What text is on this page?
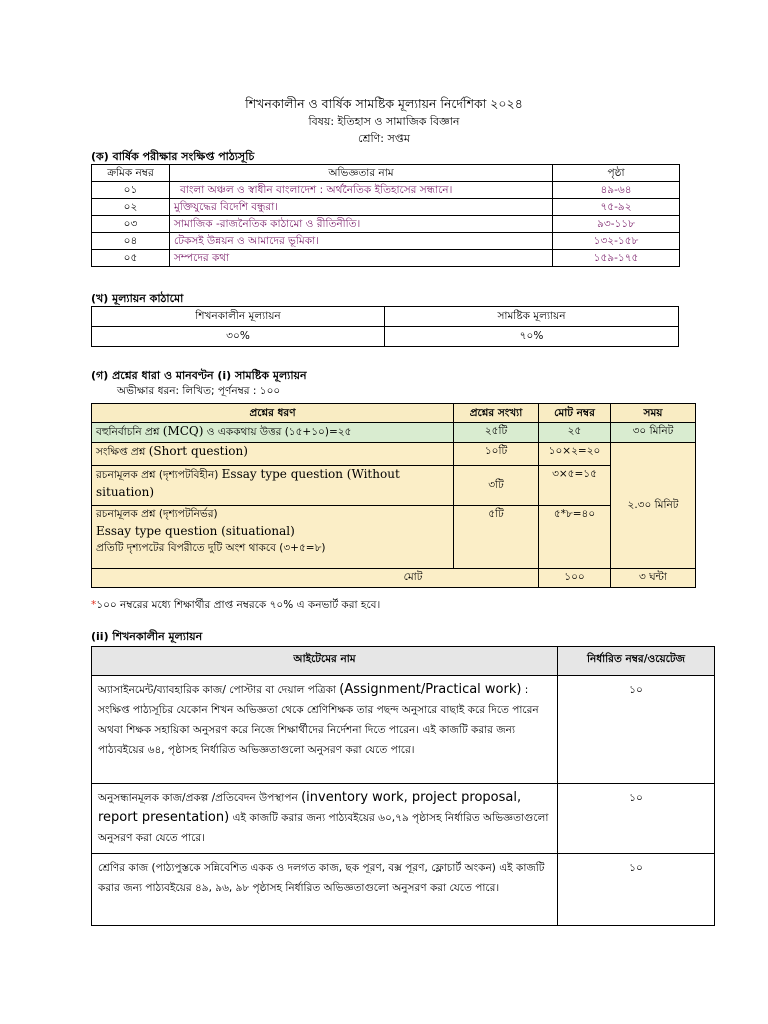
শিখনকালীন ও বার্ষিক সামষ্টিক মূল্যায়ন নির্দেশিকা ২০২৪
বিষয়: ইতিহাস ও সামাজিক বিজ্ঞান
শ্রেণি: সপ্তম
(ক) বার্ষিক পরীক্ষার সংক্ষিপ্ত পাঠ্যসূচি
ক্রমিক নম্বর	অভিজ্ঞতার নাম	পৃষ্ঠা
০১	বাংলা অঞ্চল ও স্বাধীন বাংলাদেশ : অর্থনৈতিক ইতিহাসের সন্ধানে।	৪৯-৬৪
০২	মুক্তিযুদ্ধের বিদেশি বন্ধুরা।	৭৫-৯২
০৩	সামাজিক -রাজনৈতিক কাঠামো ও রীতিনীতি।	৯৩-১১৮
০৪	টেকসই উন্নয়ন ও আমাদের ভূমিকা।	১৩২-১৫৮
০৫	সম্পদের কথা	১৫৯-১৭৫
(খ) মূল্যায়ন কাঠামো
শিখনকালীন মূল্যায়ন	সামষ্টিক মূল্যায়ন
৩০%	৭০%
(গ) প্রশ্নের ধারা ও মানবণ্টন (i) সামষ্টিক মূল্যায়ন
অভীক্ষার ধরন: লিখিত; পূর্ণনম্বর : ১০০
প্রশ্নের ধরণ	প্রশ্নের সংখ্যা	মোট নম্বর	সময়
বহুনির্বাচনি প্রশ্ন (MCQ) ও এককথায় উত্তর (১৫+১০)=২৫	২৫টি	২৫	৩০ মিনিট
সংক্ষিপ্ত প্রশ্ন (Short question)	১০টি	১০×২=২০	২.৩০ মিনিট
রচনামূলক প্রশ্ন (দৃশ্যপটবিহীন) Essay type question (Without situation)	৩টি	৩×৫=১৫	

রচনামূলক প্রশ্ন (দৃশ্যপটনির্ভর)
Essay type question (situational)
প্রতিটি দৃশ্যপটের বিপরীতে দুটি অংশ থাকবে (৩+৫=৮)	৫টি	৫*৮=৪০	
মোট		১০০	৩ ঘন্টা
*১০০ নম্বরের মধ্যে শিক্ষার্থীর প্রাপ্ত নম্বরকে ৭০% এ কনভার্ট করা হবে।
(ii) শিখনকালীন মূল্যায়ন
আইটেমের নাম	নির্ধারিত নম্বর/ওয়েটেজ
অ্যাসাইনমেন্ট/ব্যাবহারিক কাজ/ পোস্টার বা দেয়াল পত্রিকা (Assignment/Practical work) : সংক্ষিপ্ত পাঠ্যসূচির যেকোন শিখন অভিজ্ঞতা থেকে শ্রেণিশিক্ষক তার পছন্দ অনুসারে বাছাই করে দিতে পারেন অথবা শিক্ষক সহায়িকা অনুসরণ করে নিজে শিক্ষার্থীদের নির্দেশনা দিতে পারেন। এই কাজটি করার জন্য পাঠ্যবইয়ের ৬৪, পৃষ্ঠাসহ নির্ধারিত অভিজ্ঞতাগুলো অনুসরণ করা যেতে পারে।	১০
অনুসন্ধানমূলক কাজ/প্রকল্প /প্রতিবেদন উপস্থাপন (inventory work, project proposal, report presentation) এই কাজটি করার জন্য পাঠ্যবইয়ের ৬০,৭৯ পৃষ্ঠাসহ নির্ধারিত অভিজ্ঞতাগুলো অনুসরণ করা যেতে পারে।	১০
শ্রেণির কাজ (পাঠ্যপুস্তকে সন্নিবেশিত একক ও দলগত কাজ, ছক পূরণ, বক্স পূরণ, ফ্লোচার্ট অংকন) এই কাজটি করার জন্য পাঠ্যবইয়ের ৪৯, ৯৬, ৯৮ পৃষ্ঠাসহ নির্ধারিত অভিজ্ঞতাগুলো অনুসরণ করা যেতে পারে।	১০
